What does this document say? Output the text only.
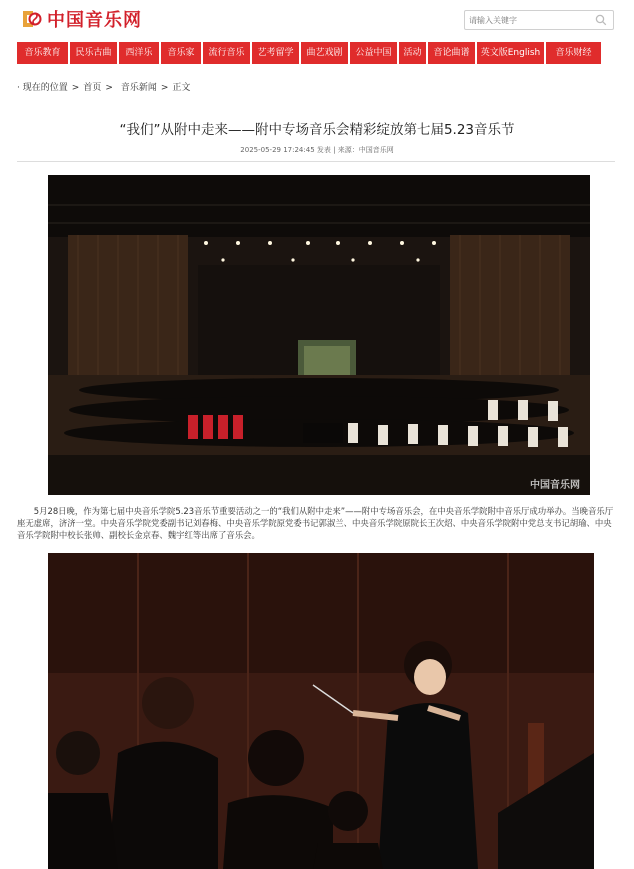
中国音乐网
请输入关键字
音乐教育	民乐古曲	西洋乐	音乐家	流行音乐	艺考留学	曲艺戏剧	公益中国	活动	音论曲谱	英文版English	音乐财经
· 现在的位置 > 首页 > 音乐新闻 > 正文
“我们”从附中走来——附中专场音乐会精彩绽放第七届5.23音乐节
2025-05-29 17:24:45 发表 | 来源：中国音乐网
中国音乐网

5月28日晚，作为第七届中央音乐学院5.23音乐节重要活动之一的“我们从附中走来”——附中专场音乐会，在中央音乐学院附中音乐厅成功举办。当晚音乐厅座无虚席，济济一堂。中央音乐学院党委副书记刘春梅、中央音乐学院原党委书记郭淑兰、中央音乐学院原院长王次炤、中央音乐学院附中党总支书记胡瑜、中央音乐学院附中校长张帅、副校长金京春、魏宇红等出席了音乐会。
